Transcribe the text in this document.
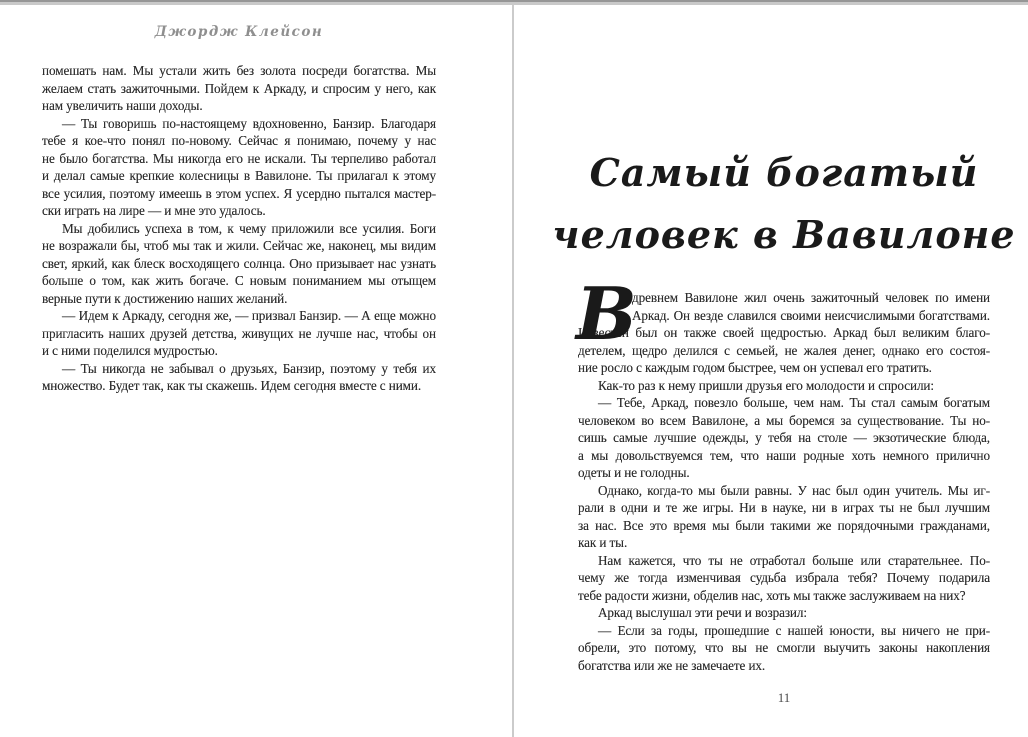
Джордж Клейсон
помешать нам. Мы устали жить без золота посреди богатства. Мы
желаем стать зажиточными. Пойдем к Аркаду, и спросим у него, как
нам увеличить наши доходы.
— Ты говоришь по-настоящему вдохновенно, Банзир. Благодаря
тебе я кое-что понял по-новому. Сейчас я понимаю, почему у нас
не было богатства. Мы никогда его не искали. Ты терпеливо работал
и делал самые крепкие колесницы в Вавилоне. Ты прилагал к этому
все усилия, поэтому имеешь в этом успех. Я усердно пытался мастер-
ски играть на лире — и мне это удалось.
Мы добились успеха в том, к чему приложили все усилия. Боги
не возражали бы, чтоб мы так и жили. Сейчас же, наконец, мы видим
свет, яркий, как блеск восходящего солнца. Оно призывает нас узнать
больше о том, как жить богаче. С новым пониманием мы отыщем
верные пути к достижению наших желаний.
— Идем к Аркаду, сегодня же, — призвал Банзир. — А еще можно
пригласить наших друзей детства, живущих не лучше нас, чтобы он
и с ними поделился мудростью.
— Ты никогда не забывал о друзьях, Банзир, поэтому у тебя их
множество. Будет так, как ты скажешь. Идем сегодня вместе с ними.
Самый богатый
человек в Вавилоне
В
древнем Вавилоне жил очень зажиточный человек по имени
Аркад. Он везде славился своими неисчислимыми богатствами.
Известен был он также своей щедростью. Аркад был великим благо-
детелем, щедро делился с семьей, не жалея денег, однако его состоя-
ние росло с каждым годом быстрее, чем он успевал его тратить.
Как-то раз к нему пришли друзья его молодости и спросили:
— Тебе, Аркад, повезло больше, чем нам. Ты стал самым богатым
человеком во всем Вавилоне, а мы боремся за существование. Ты но-
сишь самые лучшие одежды, у тебя на столе — экзотические блюда,
а мы довольствуемся тем, что наши родные хоть немного прилично
одеты и не голодны.
Однако, когда-то мы были равны. У нас был один учитель. Мы иг-
рали в одни и те же игры. Ни в науке, ни в играх ты не был лучшим
за нас. Все это время мы были такими же порядочными гражданами,
как и ты.
Нам кажется, что ты не отработал больше или старательнее. По-
чему же тогда изменчивая судьба избрала тебя? Почему подарила
тебе радости жизни, обделив нас, хоть мы также заслуживаем на них?
Аркад выслушал эти речи и возразил:
— Если за годы, прошедшие с нашей юности, вы ничего не при-
обрели, это потому, что вы не смогли выучить законы накопления
богатства или же не замечаете их.
11
